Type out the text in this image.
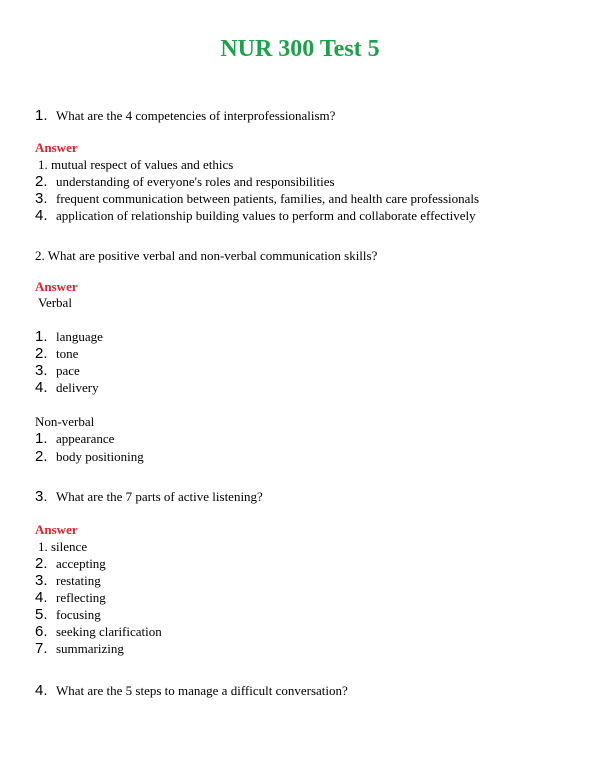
NUR 300 Test 5
1. What are the 4 competencies of interprofessionalism?
Answer
1. mutual respect of values and ethics
2. understanding of everyone's roles and responsibilities
3. frequent communication between patients, families, and health care professionals
4. application of relationship building values to perform and collaborate effectively
2. What are positive verbal and non-verbal communication skills?
Answer
Verbal
1. language
2. tone
3. pace
4. delivery
Non-verbal
1. appearance
2. body positioning
3. What are the 7 parts of active listening?
Answer
1. silence
2. accepting
3. restating
4. reflecting
5. focusing
6. seeking clarification
7. summarizing
4. What are the 5 steps to manage a difficult conversation?
